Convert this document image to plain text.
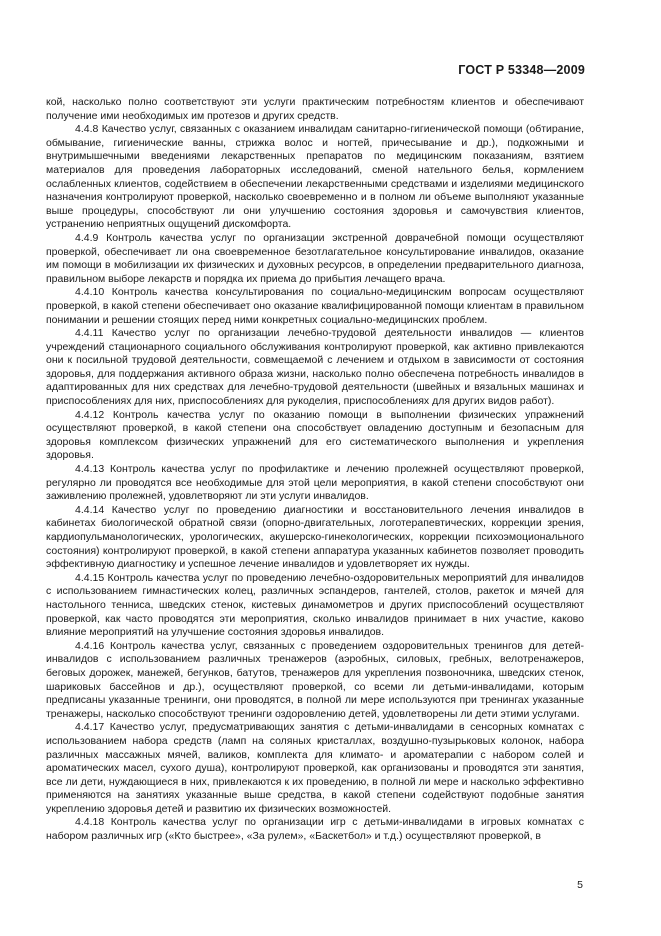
ГОСТ Р 53348—2009

кой, насколько полно соответствуют эти услуги практическим потребностям клиентов и обеспечивают получение ими необходимых им протезов и других средств.

4.4.8 Качество услуг, связанных с оказанием инвалидам санитарно-гигиенической помощи (обтирание, обмывание, гигиенические ванны, стрижка волос и ногтей, причесывание и др.), подкожными и внутримышечными введениями лекарственных препаратов по медицинским показаниям, взятием материалов для проведения лабораторных исследований, сменой нательного белья, кормлением ослабленных клиентов, содействием в обеспечении лекарственными средствами и изделиями медицинского назначения контролируют проверкой, насколько своевременно и в полном ли объеме выполняют указанные выше процедуры, способствуют ли они улучшению состояния здоровья и самочувствия клиентов, устранению неприятных ощущений дискомфорта.

4.4.9 Контроль качества услуг по организации экстренной доврачебной помощи осуществляют проверкой, обеспечивает ли она своевременное безотлагательное консультирование инвалидов, оказание им помощи в мобилизации их физических и духовных ресурсов, в определении предварительного диагноза, правильном выборе лекарств и порядка их приема до прибытия лечащего врача.

4.4.10 Контроль качества консультирования по социально-медицинским вопросам осуществляют проверкой, в какой степени обеспечивает оно оказание квалифицированной помощи клиентам в правильном понимании и решении стоящих перед ними конкретных социально-медицинских проблем.

4.4.11 Качество услуг по организации лечебно-трудовой деятельности инвалидов — клиентов учреждений стационарного социального обслуживания контролируют проверкой, как активно привлекаются они к посильной трудовой деятельности, совмещаемой с лечением и отдыхом в зависимости от состояния здоровья, для поддержания активного образа жизни, насколько полно обеспечена потребность инвалидов в адаптированных для них средствах для лечебно-трудовой деятельности (швейных и вязальных машинах и приспособлениях для них, приспособлениях для рукоделия, приспособлениях для других видов работ).

4.4.12 Контроль качества услуг по оказанию помощи в выполнении физических упражнений осуществляют проверкой, в какой степени она способствует овладению доступным и безопасным для здоровья комплексом физических упражнений для его систематического выполнения и укрепления здоровья.

4.4.13 Контроль качества услуг по профилактике и лечению пролежней осуществляют проверкой, регулярно ли проводятся все необходимые для этой цели мероприятия, в какой степени способствуют они заживлению пролежней, удовлетворяют ли эти услуги инвалидов.

4.4.14 Качество услуг по проведению диагностики и восстановительного лечения инвалидов в кабинетах биологической обратной связи (опорно-двигательных, логотерапевтических, коррекции зрения, кардиопульманологических, урологических, акушерско-гинекологических, коррекции психоэмоционального состояния) контролируют проверкой, в какой степени аппаратура указанных кабинетов позволяет проводить эффективную диагностику и успешное лечение инвалидов и удовлетворяет их нужды.

4.4.15 Контроль качества услуг по проведению лечебно-оздоровительных мероприятий для инвалидов с использованием гимнастических колец, различных эспандеров, гантелей, столов, ракеток и мячей для настольного тенниса, шведских стенок, кистевых динамометров и других приспособлений осуществляют проверкой, как часто проводятся эти мероприятия, сколько инвалидов принимает в них участие, каково влияние мероприятий на улучшение состояния здоровья инвалидов.

4.4.16 Контроль качества услуг, связанных с проведением оздоровительных тренингов для детей-инвалидов с использованием различных тренажеров (аэробных, силовых, гребных, велотренажеров, беговых дорожек, манежей, бегунков, батутов, тренажеров для укрепления позвоночника, шведских стенок, шариковых бассейнов и др.), осуществляют проверкой, со всеми ли детьми-инвалидами, которым предписаны указанные тренинги, они проводятся, в полной ли мере используются при тренингах указанные тренажеры, насколько способствуют тренинги оздоровлению детей, удовлетворены ли дети этими услугами.

4.4.17 Качество услуг, предусматривающих занятия с детьми-инвалидами в сенсорных комнатах с использованием набора средств (ламп на соляных кристаллах, воздушно-пузырьковых колонок, набора различных массажных мячей, валиков, комплекта для климато- и ароматерапии с набором солей и ароматических масел, сухого душа), контролируют проверкой, как организованы и проводятся эти занятия, все ли дети, нуждающиеся в них, привлекаются к их проведению, в полной ли мере и насколько эффективно применяются на занятиях указанные выше средства, в какой степени содействуют подобные занятия укреплению здоровья детей и развитию их физических возможностей.

4.4.18 Контроль качества услуг по организации игр с детьми-инвалидами в игровых комнатах с набором различных игр («Кто быстрее», «За рулем», «Баскетбол» и т.д.) осуществляют проверкой, в

5
